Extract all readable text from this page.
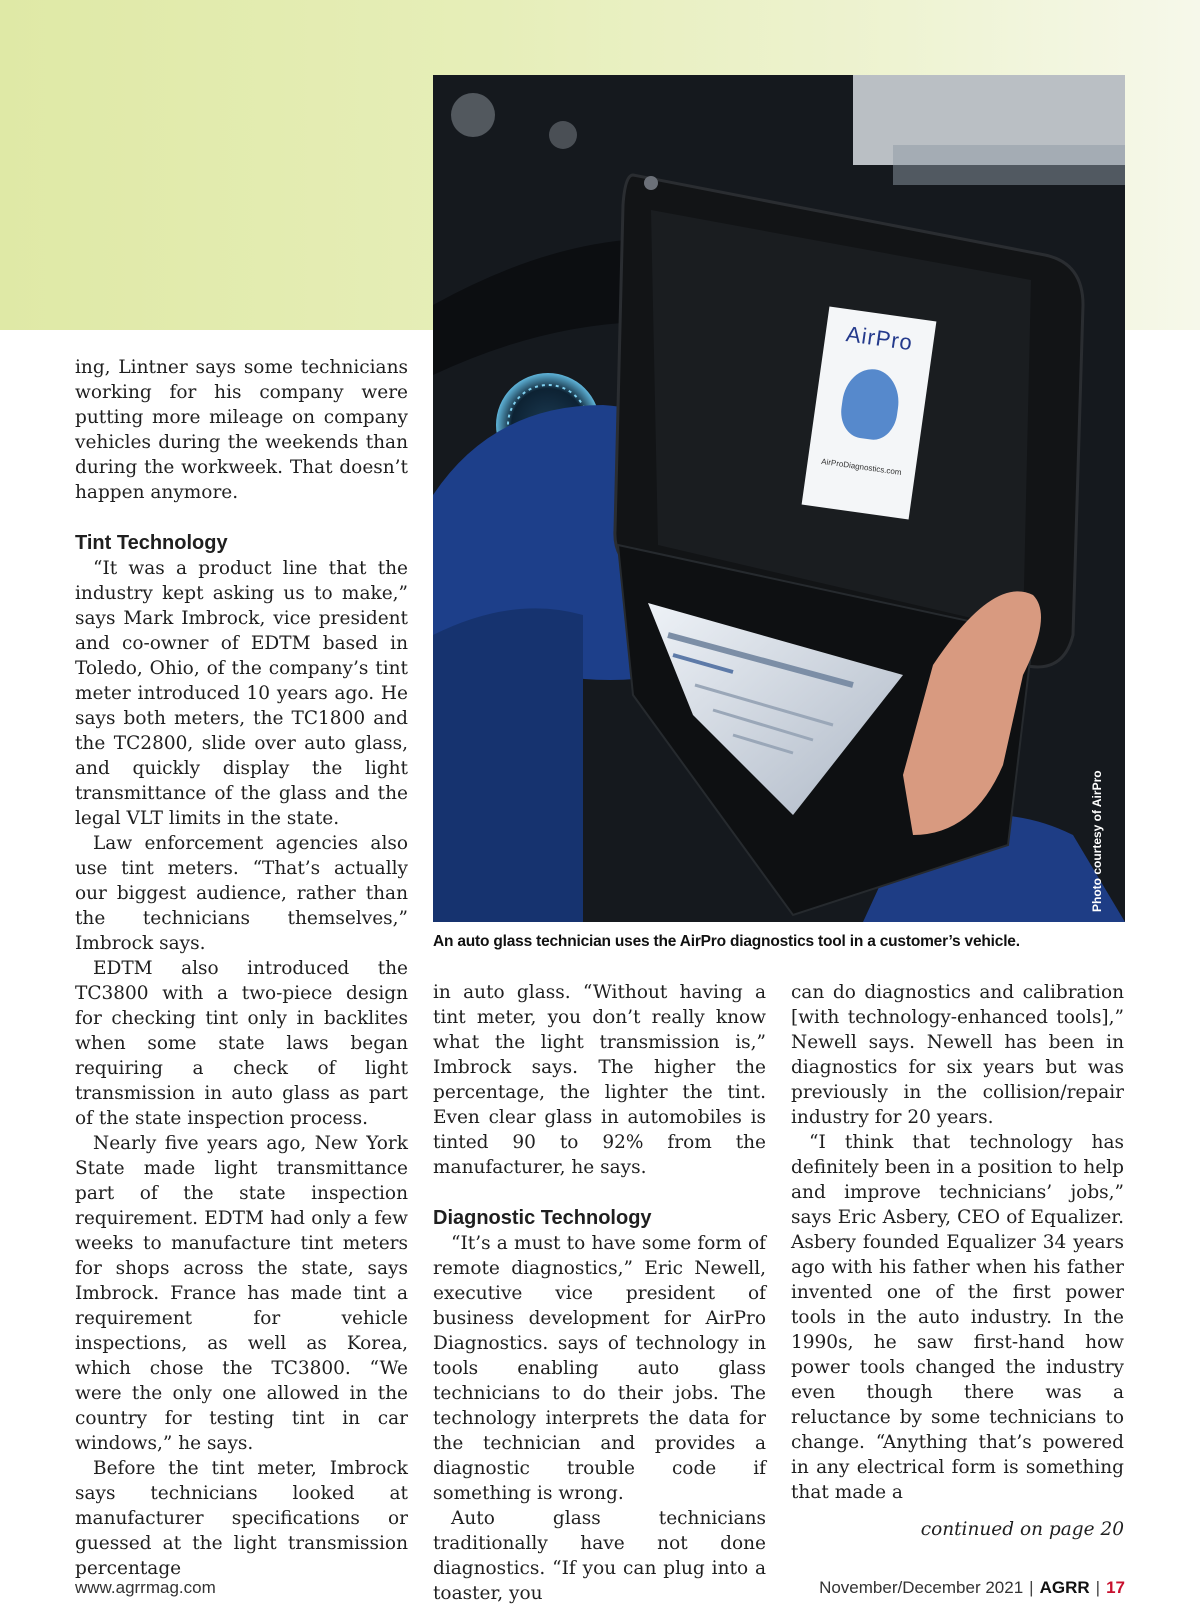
AirPro
AirProDiagnostics.com
Photo courtesy of AirPro
An auto glass technician uses the AirPro diagnostics tool in a customer’s vehicle.

ing, Lintner says some technicians working for his company were putting more mileage on company vehicles during the weekends than during the workweek. That doesn’t happen anymore.

Tint Technology

“It was a product line that the industry kept asking us to make,” says Mark Imbrock, vice president and co-owner of EDTM based in Toledo, Ohio, of the company’s tint meter introduced 10 years ago. He says both meters, the TC1800 and the TC2800, slide over auto glass, and quickly display the light transmittance of the glass and the legal VLT limits in the state.

Law enforcement agencies also use tint meters. “That’s actually our biggest audience, rather than the technicians themselves,” Imbrock says.

EDTM also introduced the TC3800 with a two-piece design for checking tint only in backlites when some state laws began requiring a check of light transmission in auto glass as part of the state inspection process.

Nearly five years ago, New York State made light transmittance part of the state inspection requirement. EDTM had only a few weeks to manufacture tint meters for shops across the state, says Imbrock. France has made tint a requirement for vehicle inspections, as well as Korea, which chose the TC3800. “We were the only one allowed in the country for testing tint in car windows,” he says.

Before the tint meter, Imbrock says technicians looked at manufacturer specifications or guessed at the light transmission percentage

in auto glass. “Without having a tint meter, you don’t really know what the light transmission is,” Imbrock says. The higher the percentage, the lighter the tint. Even clear glass in automobiles is tinted 90 to 92% from the manufacturer, he says.

Diagnostic Technology

“It’s a must to have some form of remote diagnostics,” Eric Newell, executive vice president of business development for AirPro Diagnostics. says of technology in tools enabling auto glass technicians to do their jobs. The technology interprets the data for the technician and provides a diagnostic trouble code if something is wrong.

Auto glass technicians traditionally have not done diagnostics. “If you can plug into a toaster, you

can do diagnostics and calibration [with technology-enhanced tools],” Newell says. Newell has been in diagnostics for six years but was previously in the collision/repair industry for 20 years.

“I think that technology has definitely been in a position to help and improve technicians’ jobs,” says Eric Asbery, CEO of Equalizer. Asbery founded Equalizer 34 years ago with his father when his father invented one of the first power tools in the auto industry. In the 1990s, he saw first-hand how power tools changed the industry even though there was a reluctance by some technicians to change. “Anything that’s powered in any electrical form is something that made a

continued on page 20
www.agrrmag.com	November/December 2021 | AGRR | 17
